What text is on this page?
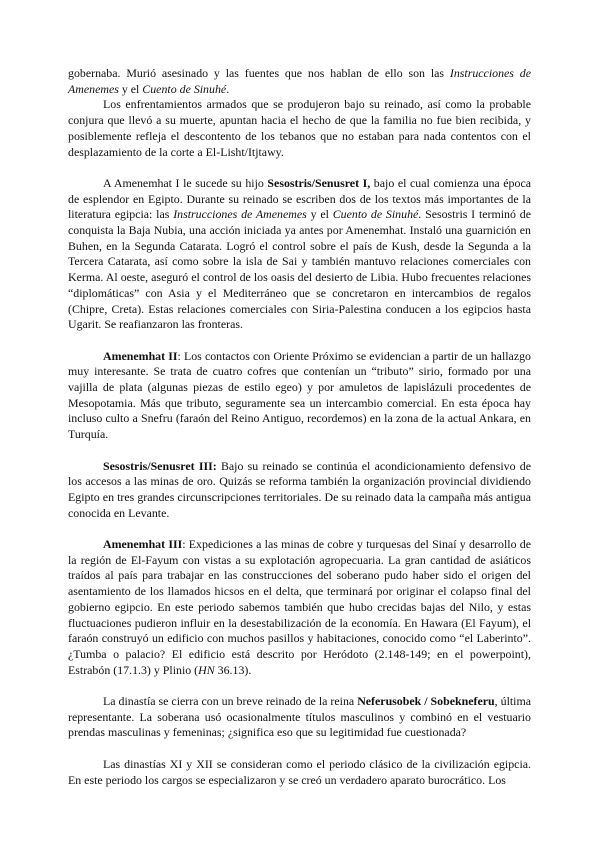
gobernaba. Murió asesinado y las fuentes que nos hablan de ello son las Instrucciones de Amenemes y el Cuento de Sinuhé.

Los enfrentamientos armados que se produjeron bajo su reinado, así como la probable conjura que llevó a su muerte, apuntan hacia el hecho de que la familia no fue bien recibida, y posiblemente refleja el descontento de los tebanos que no estaban para nada contentos con el desplazamiento de la corte a El-Lisht/Itjtawy.

A Amenemhat I le sucede su hijo Sesostris/Senusret I, bajo el cual comienza una época de esplendor en Egipto. Durante su reinado se escriben dos de los textos más importantes de la literatura egipcia: las Instrucciones de Amenemes y el Cuento de Sinuhé. Sesostris I terminó de conquista la Baja Nubia, una acción iniciada ya antes por Amenemhat. Instaló una guarnición en Buhen, en la Segunda Catarata. Logró el control sobre el país de Kush, desde la Segunda a la Tercera Catarata, así como sobre la isla de Sai y también mantuvo relaciones comerciales con Kerma. Al oeste, aseguró el control de los oasis del desierto de Libia. Hubo frecuentes relaciones “diplomáticas” con Asia y el Mediterráneo que se concretaron en intercambios de regalos (Chipre, Creta). Estas relaciones comerciales con Siria-Palestina conducen a los egipcios hasta Ugarit. Se reafianzaron las fronteras.

Amenemhat II: Los contactos con Oriente Próximo se evidencian a partir de un hallazgo muy interesante. Se trata de cuatro cofres que contenían un “tributo” sirio, formado por una vajilla de plata (algunas piezas de estilo egeo) y por amuletos de lapislázuli procedentes de Mesopotamia. Más que tributo, seguramente sea un intercambio comercial. En esta época hay incluso culto a Snefru (faraón del Reino Antiguo, recordemos) en la zona de la actual Ankara, en Turquía.

Sesostris/Senusret III: Bajo su reinado se continúa el acondicionamiento defensivo de los accesos a las minas de oro. Quizás se reforma también la organización provincial dividiendo Egipto en tres grandes circunscripciones territoriales. De su reinado data la campaña más antigua conocida en Levante.

Amenemhat III: Expediciones a las minas de cobre y turquesas del Sinaí y desarrollo de la región de El-Fayum con vistas a su explotación agropecuaria. La gran cantidad de asiáticos traídos al país para trabajar en las construcciones del soberano pudo haber sido el origen del asentamiento de los llamados hicsos en el delta, que terminará por originar el colapso final del gobierno egipcio. En este periodo sabemos también que hubo crecidas bajas del Nilo, y estas fluctuaciones pudieron influir en la desestabilización de la economía. En Hawara (El Fayum), el faraón construyó un edificio con muchos pasillos y habitaciones, conocido como “el Laberinto”. ¿Tumba o palacio? El edificio está descrito por Heródoto (2.148-149; en el powerpoint), Estrabón (17.1.3) y Plinio (HN 36.13).

La dinastía se cierra con un breve reinado de la reina Neferusobek / Sobekneferu, última representante. La soberana usó ocasionalmente títulos masculinos y combinó en el vestuario prendas masculinas y femeninas; ¿significa eso que su legitimidad fue cuestionada?

Las dinastías XI y XII se consideran como el periodo clásico de la civilización egipcia. En este periodo los cargos se especializaron y se creó un verdadero aparato burocrático. Los
